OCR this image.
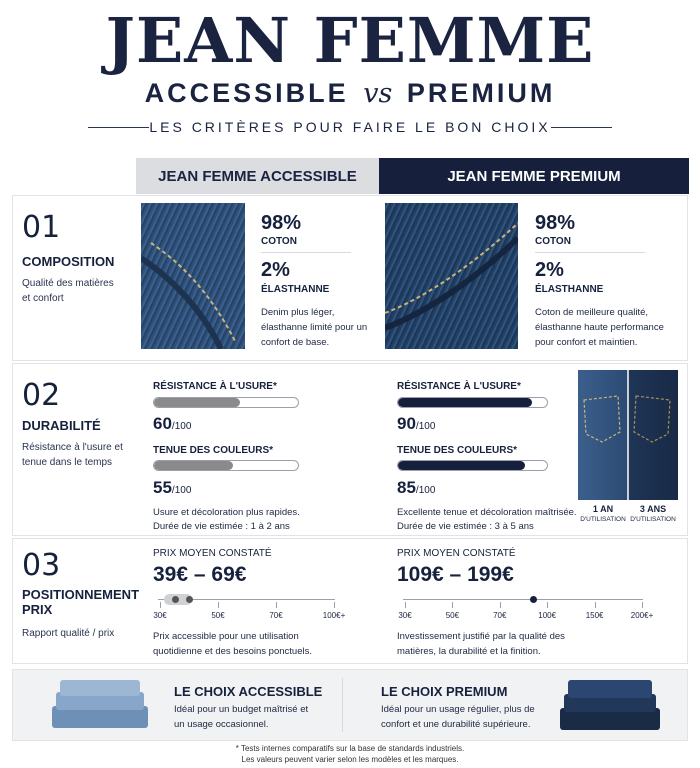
JEAN FEMME
ACCESSIBLE vs PREMIUM
LES CRITÈRES POUR FAIRE LE BON CHOIX
JEAN FEMME ACCESSIBLE	JEAN FEMME PREMIUM
01
COMPOSITION
Qualité des matières et confort
98%
COTON
2%
ÉLASTHANNE
Denim plus léger, élasthanne limité pour un confort de base.
98%
COTON
2%
ÉLASTHANNE
Coton de meilleure qualité, élasthanne haute performance pour confort et maintien.
02
DURABILITÉ
Résistance à l'usure et tenue dans le temps
RÉSISTANCE À L'USURE*
60/100
TENUE DES COULEURS*
55/100
Usure et décoloration plus rapides.
Durée de vie estimée : 1 à 2 ans
RÉSISTANCE À L'USURE*
90/100
TENUE DES COULEURS*
85/100
Excellente tenue et décoloration maîtrisée.
Durée de vie estimée : 3 à 5 ans
1 AN
D'UTILISATION
3 ANS
D'UTILISATION
03
POSITIONNEMENT
PRIX
Rapport qualité / prix
PRIX MOYEN CONSTATÉ
39€ – 69€
30€	50€	70€	100€+
Prix accessible pour une utilisation quotidienne et des besoins ponctuels.
PRIX MOYEN CONSTATÉ
109€ – 199€
30€	50€	70€	100€	150€	200€+
Investissement justifié par la qualité des matières, la durabilité et la finition.
LE CHOIX ACCESSIBLE
Idéal pour un budget maîtrisé et un usage occasionnel.
LE CHOIX PREMIUM
Idéal pour un usage régulier, plus de confort et une durabilité supérieure.
* Tests internes comparatifs sur la base de standards industriels.
Les valeurs peuvent varier selon les modèles et les marques.
